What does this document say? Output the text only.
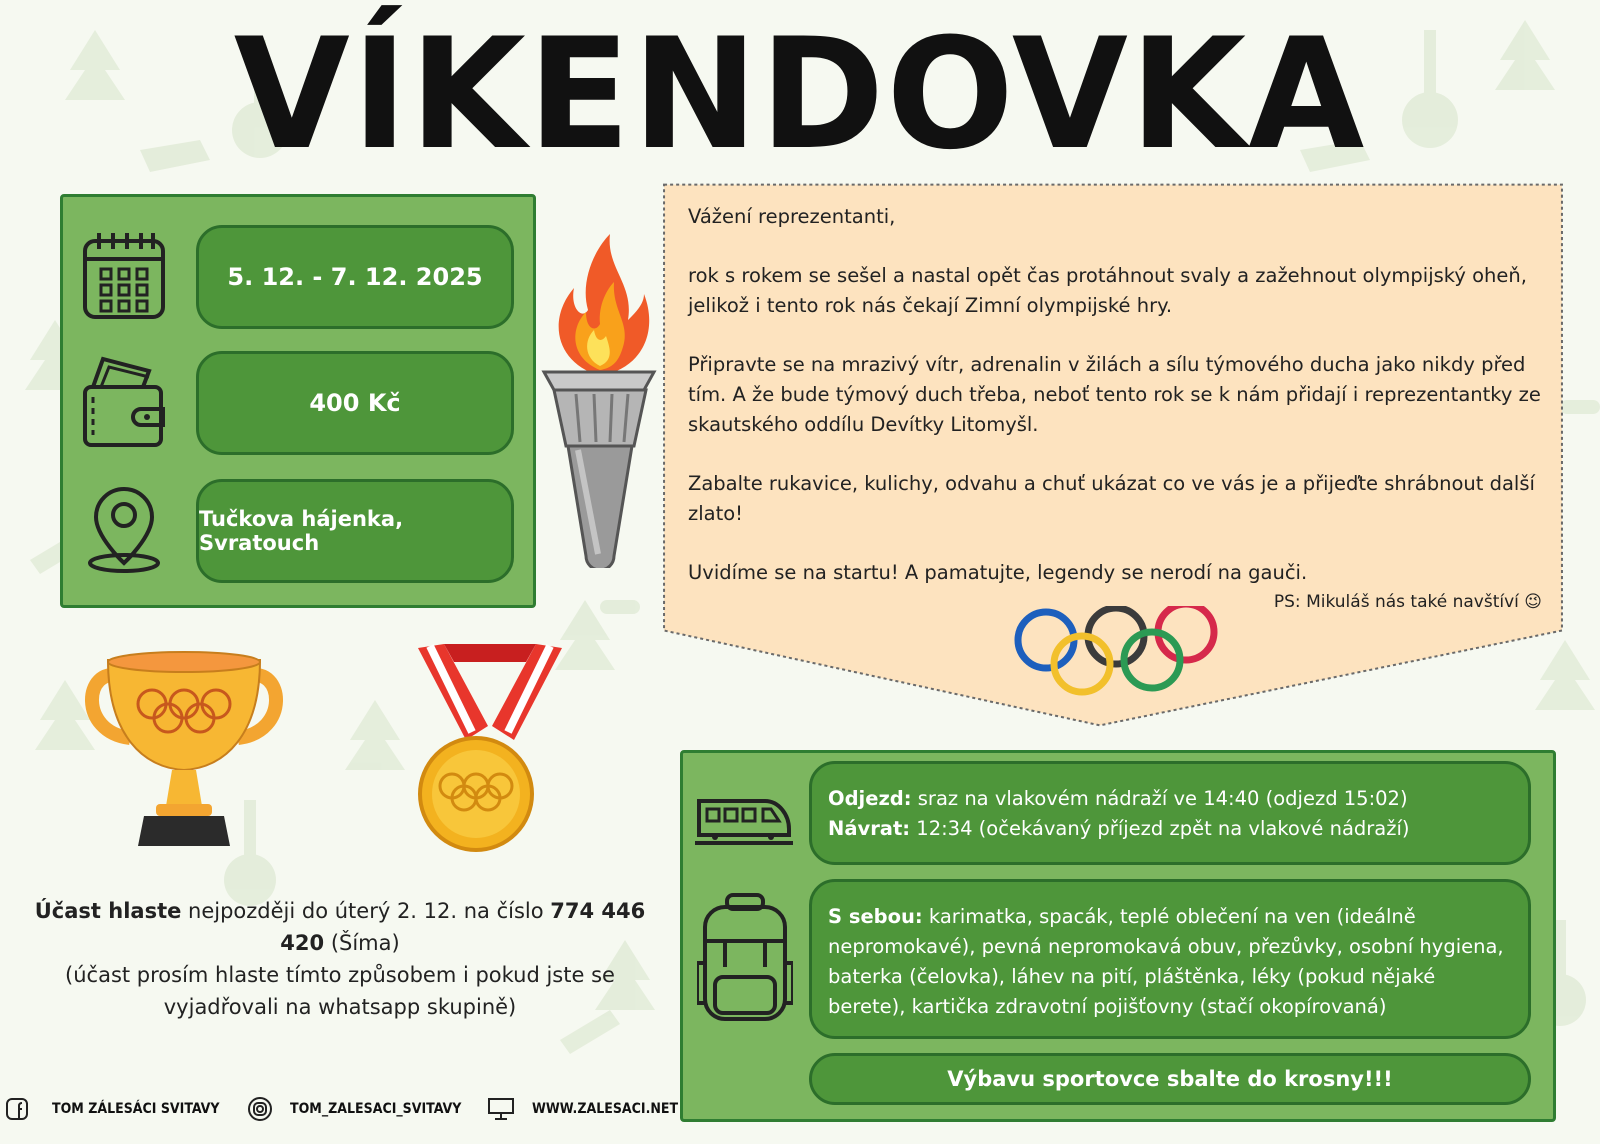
VÍKENDOVKA
5. 12. - 7. 12. 2025
400 Kč
Tučkova hájenka, Svratouch

Vážení reprezentanti,

rok s rokem se sešel a nastal opět čas protáhnout svaly a zažehnout olympijský oheň, jelikož i tento rok nás čekají Zimní olympijské hry.

Připravte se na mrazivý vítr, adrenalin v žilách a sílu týmového ducha jako nikdy před tím. A že bude týmový duch třeba, neboť tento rok se k nám přidají i reprezentantky ze skautského oddílu Devítky Litomyšl.

Zabalte rukavice, kulichy, odvahu a chuť ukázat co ve vás je a přijeďte shrábnout další zlato!

Uvidíme se na startu! A pamatujte, legendy se nerodí na gauči.

PS: Mikuláš nás také navštíví 😉
Účast hlaste nejpozději do úterý 2. 12. na číslo 774 446 420 (Šíma)
(účast prosím hlaste tímto způsobem i pokud jste se vyjadřovali na whatsapp skupině)
Odjezd: sraz na vlakovém nádraží ve 14:40 (odjezd 15:02)
Návrat: 12:34 (očekávaný příjezd zpět na vlakové nádraží)
S sebou: karimatka, spacák, teplé oblečení na ven (ideálně nepromokavé), pevná nepromokavá obuv, přezůvky, osobní hygiena, baterka (čelovka), láhev na pití, pláštěnka, léky (pokud nějaké berete), kartička zdravotní pojišťovny (stačí okopírovaná)
Výbavu sportovce sbalte do krosny!!!
TOM ZÁLESÁCI SVITAVY	TOM_ZALESACI_SVITAVY	WWW.ZALESACI.NET
